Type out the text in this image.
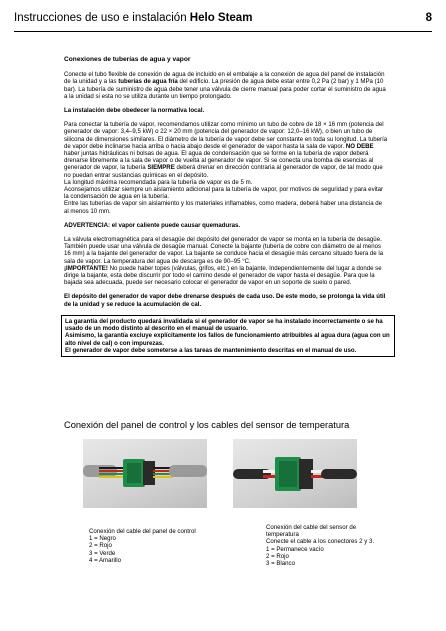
Instrucciones de uso e instalación Helo Steam	8

Conexiones de tuberías de agua y vapor

Conecte el tubo flexible de conexión de agua de incluido en el embalaje a la conexión de agua del panel de instalación de la unidad y a las tuberías de agua fría del edificio. La presión de agua debe estar entre 0,2 Pa (2 bar) y 1 MPa (10 bar). La tubería de suministro de agua debe tener una válvula de cierre manual para poder cortar el suministro de agua a la unidad si esta no se utiliza durante un tiempo prolongado.

La instalación debe obedecer la normativa local.

Para conectar la tubería de vapor, recomendamos utilizar como mínimo un tubo de cobre de 18 × 16 mm (potencia del generador de vapor: 3,4–9,5 kW) o 22 × 20 mm (potencia del generador de vapor: 12,0–16 kW), o bien un tubo de silicona de dimensiones similares. El diámetro de la tubería de vapor debe ser constante en toda su longitud. La tubería de vapor debe inclinarse hacia arriba o hacia abajo desde el generador de vapor hasta la sala de vapor. NO DEBE haber juntas hidráulicas ni bolsas de agua. El agua de condensación que se forme en la tubería de vapor deberá drenarse libremente a la sala de vapor o de vuelta al generador de vapor. Si se conecta una bomba de esencias al generador de vapor, la tubería SIEMPRE deberá drenar en dirección contraria al generador de vapor, de tal modo que no puedan entrar sustancias químicas en el depósito.
La longitud máxima recomendada para la tubería de vapor es de 5 m.
Aconsejamos utilizar siempre un aislamiento adicional para la tubería de vapor, por motivos de seguridad y para evitar la condensación de agua en la tubería.
Entre las tuberías de vapor sin aislamiento y los materiales inflamables, como madera, deberá haber una distancia de al menos 10 mm.

ADVERTENCIA: el vapor caliente puede causar quemaduras.

La válvula electromagnética para el desagüe del depósito del generador de vapor se monta en la tubería de desagüe. También puede usar una válvula de desagüe manual. Conecte la bajante (tubería de cobre con diámetro de al menos 16 mm) a la bajante del generador de vapor. La bajante se conduce hacia el desagüe más cercano situado fuera de la sala de vapor. La temperatura del agua de descarga es de 90–95 °C.
¡IMPORTANTE! No puede haber topes (válvulas, grifos, etc.) en la bajante. Independientemente del lugar a donde se dirige la bajante, esta debe discurrir por todo el camino desde el generador de vapor hasta el desagüe. Para que la bajada sea adecuada, puede ser necesario colocar el generador de vapor en un soporte de suelo o pared.

El depósito del generador de vapor debe drenarse después de cada uso. De este modo, se prolonga la vida útil de la unidad y se reduce la acumulación de cal.

La garantía del producto quedará invalidada si el generador de vapor se ha instalado incorrectamente o se ha usado de un modo distinto al descrito en el manual de usuario.
Asimismo, la garantía excluye explícitamente los fallos de funcionamiento atribuibles al agua dura (agua con un alto nivel de cal) o con impurezas.
El generador de vapor debe someterse a las tareas de mantenimiento descritas en el manual de uso.
Conexión del panel de control y los cables del sensor de temperatura
Conexión del cable del panel de control
1 = Negro
2 = Rojo
3 = Verde
4 = Amarillo
Conexión del cable del sensor de
temperatura
Conecte el cable a los conectores 2 y 3.
1 = Permanece vacío
2 = Rojo
3 = Blanco
